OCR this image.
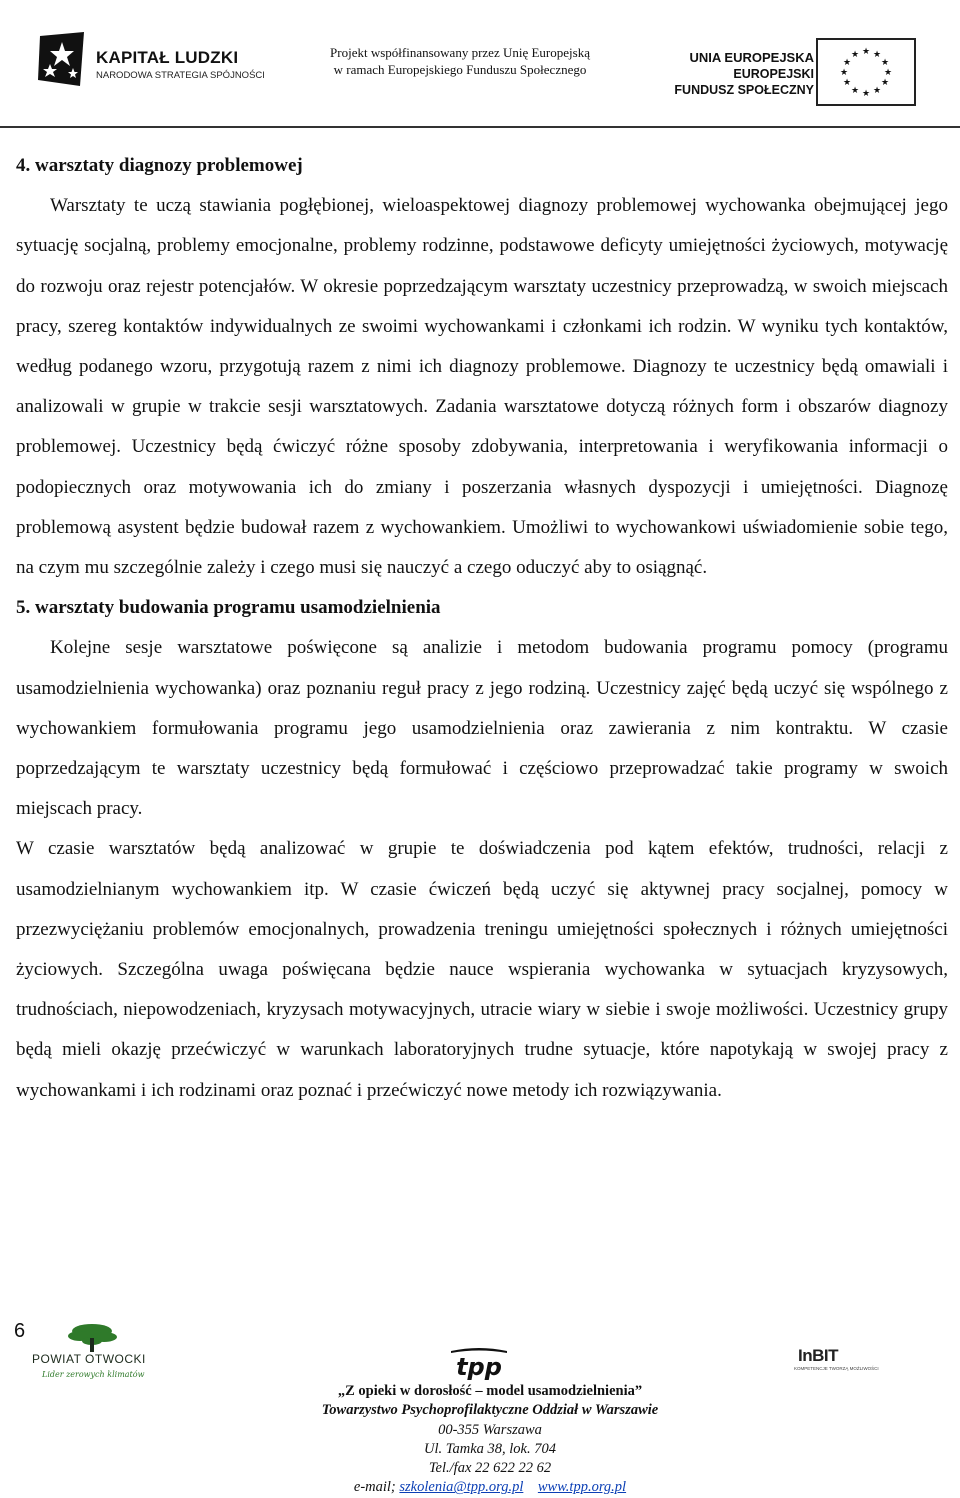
KAPITAŁ LUDZKI
NARODOWA STRATEGIA SPÓJNOŚCI
Projekt współfinansowany przez Unię Europejską
w ramach Europejskiego Funduszu Społecznego
UNIA EUROPEJSKA
EUROPEJSKI
FUNDUSZ SPOŁECZNY
★ ★
★
★
★
★
★
★
★
★
★
★

4. warsztaty diagnozy problemowej

Warsztaty te uczą stawiania pogłębionej, wieloaspektowej diagnozy problemowej wychowanka obejmującej jego sytuację socjalną, problemy emocjonalne, problemy rodzinne, podstawowe deficyty umiejętności życiowych, motywację do rozwoju oraz rejestr potencjałów. W okresie poprzedzającym warsztaty uczestnicy przeprowadzą, w swoich miejscach pracy, szereg kontaktów indywidualnych ze swoimi wychowankami i członkami ich rodzin. W wyniku tych kontaktów, według podanego wzoru, przygotują razem z nimi ich diagnozy problemowe. Diagnozy te uczestnicy będą omawiali i analizowali w grupie w trakcie sesji warsztatowych. Zadania warsztatowe dotyczą różnych form i obszarów diagnozy problemowej. Uczestnicy będą ćwiczyć różne sposoby zdobywania, interpretowania i weryfikowania informacji o podopiecznych oraz motywowania ich do zmiany i poszerzania własnych dyspozycji i umiejętności. Diagnozę problemową asystent będzie budował razem z wychowankiem. Umożliwi to wychowankowi uświadomienie sobie tego, na czym mu szczególnie zależy i czego musi się nauczyć a czego oduczyć aby to osiągnąć.

5. warsztaty budowania programu usamodzielnienia

Kolejne sesje warsztatowe poświęcone są analizie i metodom budowania programu pomocy (programu usamodzielnienia wychowanka) oraz poznaniu reguł pracy z jego rodziną. Uczestnicy zajęć będą uczyć się wspólnego z wychowankiem formułowania programu jego usamodzielnienia oraz zawierania z nim kontraktu. W czasie poprzedzającym te warsztaty uczestnicy będą formułować i częściowo przeprowadzać takie programy w swoich miejscach pracy.

W czasie warsztatów będą analizować w grupie te doświadczenia pod kątem efektów, trudności, relacji z usamodzielnianym wychowankiem itp. W czasie ćwiczeń będą uczyć się aktywnej pracy socjalnej, pomocy w przezwyciężaniu problemów emocjonalnych, prowadzenia treningu umiejętności społecznych i różnych umiejętności życiowych. Szczególna uwaga poświęcana będzie nauce wspierania wychowanka w sytuacjach kryzysowych, trudnościach, niepowodzeniach, kryzysach motywacyjnych, utracie wiary w siebie i swoje możliwości. Uczestnicy grupy będą mieli okazję przećwiczyć w warunkach laboratoryjnych trudne sytuacje, które napotykają w swojej pracy z wychowankami i ich rodzinami oraz poznać i przećwiczyć nowe metody ich rozwiązywania.

6
POWIAT OTWOCKI
Lider zerowych klimatów	tpp	InBIT
KOMPETENCJE TWORZĄ MOŻLIWOŚCI
„Z opieki w dorosłość – model usamodzielnienia”
Towarzystwo Psychoprofilaktyczne Oddział w Warszawie
00-355 Warszawa
Ul. Tamka 38, lok. 704
Tel./fax 22 622 22 62
e-mail; szkolenia@tpp.org.pl www.tpp.org.pl
